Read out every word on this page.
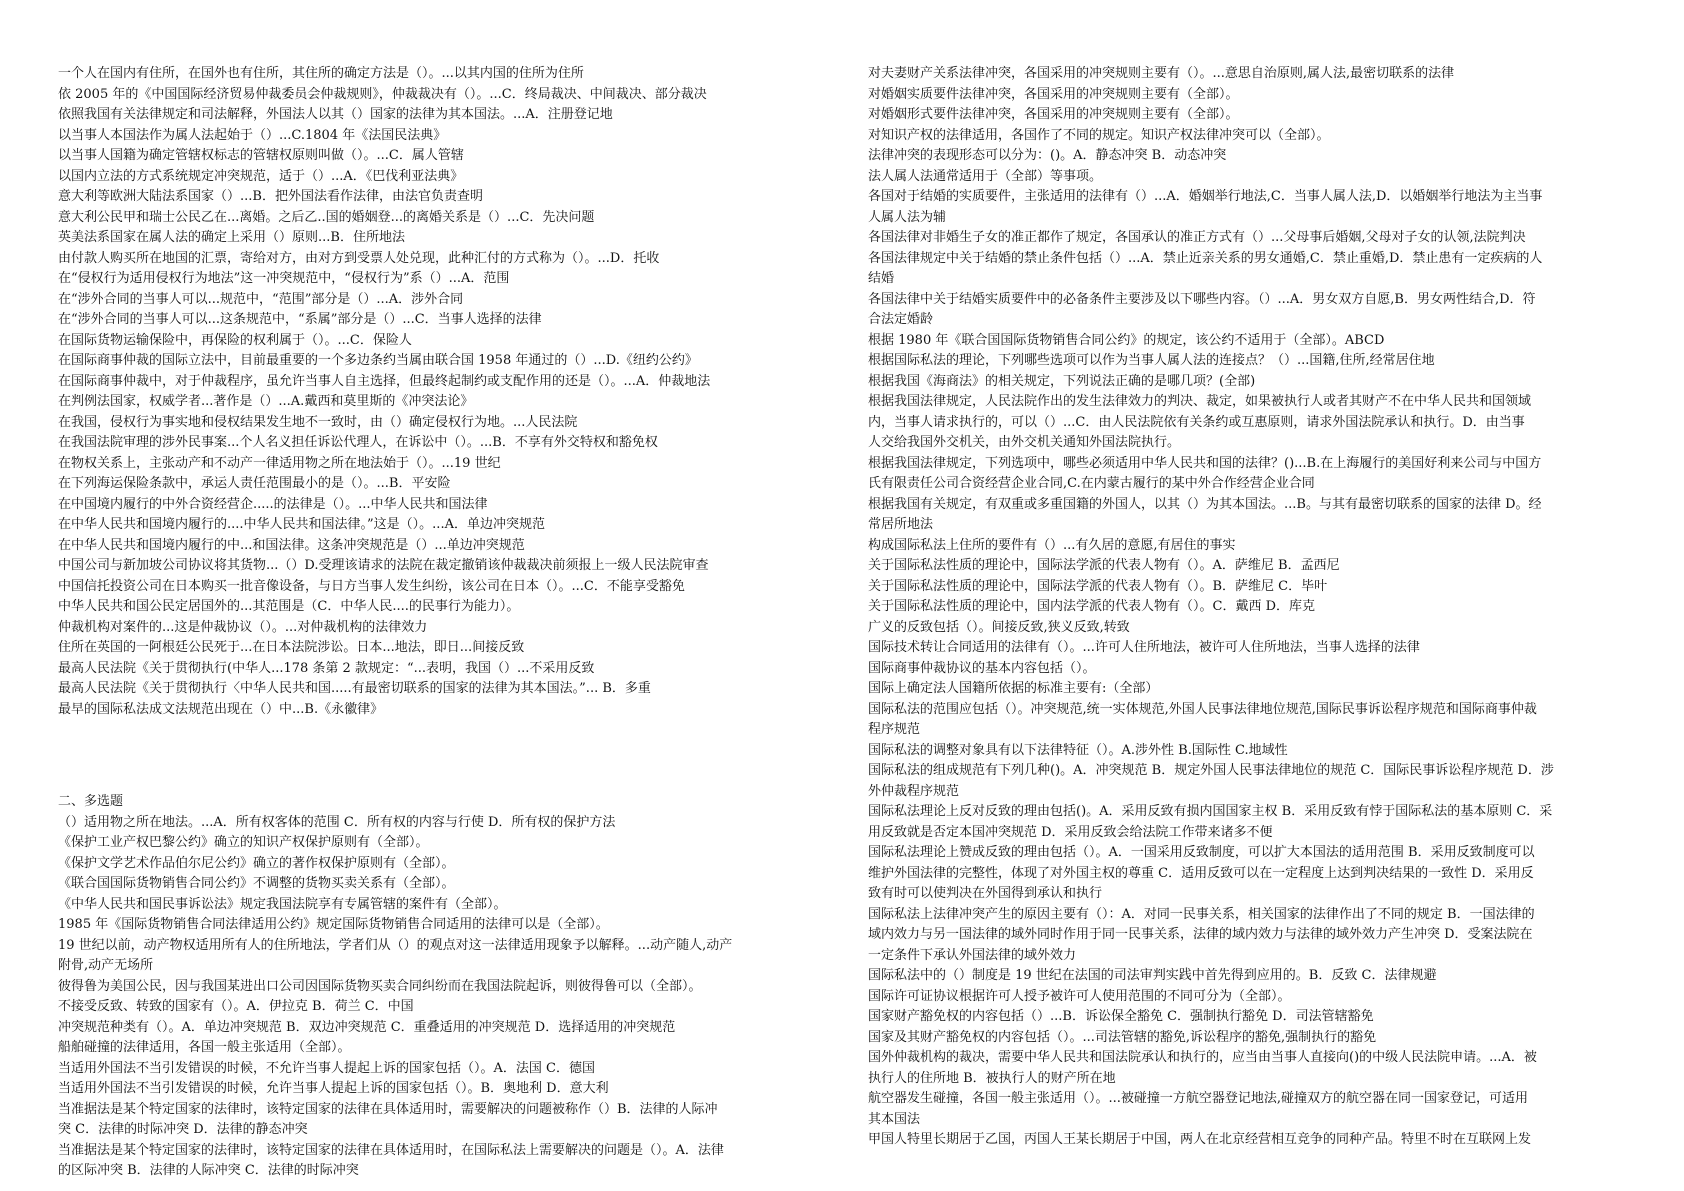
一个人在国内有住所，在国外也有住所，其住所的确定方法是（）。...以其内国的住所为住所

依 2005 年的《中国国际经济贸易仲裁委员会仲裁规则》，仲裁裁决有（）。...C．终局裁决、中间裁决、部分裁决

依照我国有关法律规定和司法解释，外国法人以其（）国家的法律为其本国法。...A．注册登记地

以当事人本国法作为属人法起始于（）...C.1804 年《法国民法典》

以当事人国籍为确定管辖权标志的管辖权原则叫做（）。...C．属人管辖

以国内立法的方式系统规定冲突规范，适于（）...A．《巴伐利亚法典》

意大利等欧洲大陆法系国家（）...B．把外国法看作法律，由法官负责查明

意大利公民甲和瑞士公民乙在...离婚。之后乙..国的婚姻登...的离婚关系是（）...C．先决问题

英美法系国家在属人法的确定上采用（）原则...B．住所地法

由付款人购买所在地国的汇票，寄给对方，由对方到受票人处兑现，此种汇付的方式称为（）。...D．托收

在“侵权行为适用侵权行为地法”这一冲突规范中，“侵权行为”系（）...A．范围

在“涉外合同的当事人可以...规范中，“范围”部分是（）...A．涉外合同

在“涉外合同的当事人可以...这条规范中，“系属”部分是（）...C．当事人选择的法律

在国际货物运输保险中，再保险的权利属于（）。...C．保险人

在国际商事仲裁的国际立法中，目前最重要的一个多边条约当属由联合国 1958 年通过的（）...D.《纽约公约》

在国际商事仲裁中，对于仲裁程序，虽允许当事人自主选择，但最终起制约或支配作用的还是（）。...A．仲裁地法

在判例法国家，权威学者...著作是（）...A.戴西和莫里斯的《冲突法论》

在我国，侵权行为事实地和侵权结果发生地不一致时，由（）确定侵权行为地。...人民法院

在我国法院审理的涉外民事案...个人名义担任诉讼代理人，在诉讼中（）。...B．不享有外交特权和豁免权

在物权关系上，主张动产和不动产一律适用物之所在地法始于（）。...19 世纪

在下列海运保险条款中，承运人责任范围最小的是（）。...B．平安险

在中国境内履行的中外合资经营企.....的法律是（）。...中华人民共和国法律

在中华人民共和国境内履行的....中华人民共和国法律。”这是（）。...A．单边冲突规范

在中华人民共和国境内履行的中...和国法律。这条冲突规范是（）...单边冲突规范

中国公司与新加坡公司协议将其货物...（）D.受理该请求的法院在裁定撤销该仲裁裁决前须报上一级人民法院审查

中国信托投资公司在日本购买一批音像设备，与日方当事人发生纠纷，该公司在日本（）。...C．不能享受豁免

中华人民共和国公民定居国外的...其范围是（C．中华人民....的民事行为能力）。

仲裁机构对案件的...这是仲裁协议（）。...对仲裁机构的法律效力

住所在英国的一阿根廷公民死于...在日本法院涉讼。日本...地法，即日...间接反致

最高人民法院《关于贯彻执行(中华人...178 条第 2 款规定：“...表明，我国（）...不采用反致

最高人民法院《关于贯彻执行〈中华人民共和国.....有最密切联系的国家的法律为其本国法。”... B．多重

最早的国际私法成文法规范出现在（）中...B.《永徽律》

二、多选题

（）适用物之所在地法。...A．所有权客体的范围 C．所有权的内容与行使 D．所有权的保护方法

《保护工业产权巴黎公约》确立的知识产权保护原则有（全部）。

《保护文学艺术作品伯尔尼公约》确立的著作权保护原则有（全部）。

《联合国国际货物销售合同公约》不调整的货物买卖关系有（全部）。

《中华人民共和国民事诉讼法》规定我国法院享有专属管辖的案件有（全部）。

1985 年《国际货物销售合同法律适用公约》规定国际货物销售合同适用的法律可以是（全部）。

19 世纪以前，动产物权适用所有人的住所地法，学者们从（）的观点对这一法律适用现象予以解释。...动产随人,动产

附骨,动产无场所

彼得鲁为美国公民，因与我国某进出口公司因国际货物买卖合同纠纷而在我国法院起诉，则彼得鲁可以（全部）。

不接受反致、转致的国家有（）。A．伊拉克 B．荷兰 C．中国

冲突规范种类有（）。A．单边冲突规范 B．双边冲突规范 C．重叠适用的冲突规范 D．选择适用的冲突规范

船舶碰撞的法律适用，各国一般主张适用（全部）。

当适用外国法不当引发错误的时候，不允许当事人提起上诉的国家包括（）。A．法国 C．德国

当适用外国法不当引发错误的时候，允许当事人提起上诉的国家包括（）。B．奥地利 D．意大利

当准据法是某个特定国家的法律时，该特定国家的法律在具体适用时，需要解决的问题被称作（）B．法律的人际冲

突 C．法律的时际冲突 D．法律的静态冲突

当准据法是某个特定国家的法律时，该特定国家的法律在具体适用时，在国际私法上需要解决的问题是（）。A．法律

的区际冲突 B．法律的人际冲突 C．法律的时际冲突

对夫妻财产关系法律冲突，各国采用的冲突规则主要有（）。...意思自治原则,属人法,最密切联系的法律

对婚姻实质要件法律冲突，各国采用的冲突规则主要有（全部）。

对婚姻形式要件法律冲突，各国采用的冲突规则主要有（全部）。

对知识产权的法律适用，各国作了不同的规定。知识产权法律冲突可以（全部）。

法律冲突的表现形态可以分为：()。A．静态冲突 B．动态冲突

法人属人法通常适用于（全部）等事项。

各国对于结婚的实质要件，主张适用的法律有（）...A．婚姻举行地法,C．当事人属人法,D．以婚姻举行地法为主当事

人属人法为辅

各国法律对非婚生子女的准正都作了规定，各国承认的准正方式有（）...父母事后婚姻,父母对子女的认领,法院判决

各国法律规定中关于结婚的禁止条件包括（）...A．禁止近亲关系的男女通婚,C．禁止重婚,D．禁止患有一定疾病的人

结婚

各国法律中关于结婚实质要件中的必备条件主要涉及以下哪些内容。（）...A．男女双方自愿,B．男女两性结合,D．符

合法定婚龄

根据 1980 年《联合国国际货物销售合同公约》的规定，该公约不适用于（全部）。ABCD

根据国际私法的理论，下列哪些选项可以作为当事人属人法的连接点？（）...国籍,住所,经常居住地

根据我国《海商法》的相关规定，下列说法正确的是哪几项？(全部)

根据我国法律规定，人民法院作出的发生法律效力的判决、裁定，如果被执行人或者其财产不在中华人民共和国领域

内，当事人请求执行的，可以（）...C．由人民法院依有关条约或互惠原则，请求外国法院承认和执行。D．由当事

人交给我国外交机关，由外交机关通知外国法院执行。

根据我国法律规定，下列选项中，哪些必须适用中华人民共和国的法律？()...B.在上海履行的美国好利来公司与中国方

氏有限责任公司合资经营企业合同,C.在内蒙古履行的某中外合作经营企业合同

根据我国有关规定，有双重或多重国籍的外国人，以其（）为其本国法。...B。与其有最密切联系的国家的法律 D。经

常居所地法

构成国际私法上住所的要件有（）...有久居的意愿,有居住的事实

关于国际私法性质的理论中，国际法学派的代表人物有（）。A．萨维尼 B．孟西尼

关于国际私法性质的理论中，国际法学派的代表人物有（）。B．萨维尼 C．毕叶

关于国际私法性质的理论中，国内法学派的代表人物有（）。C．戴西 D．库克

广义的反致包括（）。间接反致,狭义反致,转致

国际技术转让合同适用的法律有（）。...许可人住所地法，被许可人住所地法，当事人选择的法律

国际商事仲裁协议的基本内容包括（）。

国际上确定法人国籍所依据的标准主要有:（全部）

国际私法的范围应包括（）。冲突规范,统一实体规范,外国人民事法律地位规范,国际民事诉讼程序规范和国际商事仲裁

程序规范

国际私法的调整对象具有以下法律特征（）。A.涉外性 B.国际性 C.地域性

国际私法的组成规范有下列几种()。A．冲突规范 B．规定外国人民事法律地位的规范 C．国际民事诉讼程序规范 D．涉

外仲裁程序规范

国际私法理论上反对反致的理由包括()。A．采用反致有损内国国家主权 B．采用反致有悖于国际私法的基本原则 C．采

用反致就是否定本国冲突规范 D．采用反致会给法院工作带来诸多不便

国际私法理论上赞成反致的理由包括（）。A．一国采用反致制度，可以扩大本国法的适用范围 B．采用反致制度可以

维护外国法律的完整性，体现了对外国主权的尊重 C．适用反致可以在一定程度上达到判决结果的一致性 D．采用反

致有时可以使判决在外国得到承认和执行

国际私法上法律冲突产生的原因主要有（）：A．对同一民事关系，相关国家的法律作出了不同的规定 B．一国法律的

域内效力与另一国法律的域外同时作用于同一民事关系，法律的域内效力与法律的域外效力产生冲突 D．受案法院在

一定条件下承认外国法律的域外效力

国际私法中的（）制度是 19 世纪在法国的司法审判实践中首先得到应用的。B．反致 C．法律规避

国际许可证协议根据许可人授予被许可人使用范围的不同可分为（全部）。

国家财产豁免权的内容包括（）...B．诉讼保全豁免 C．强制执行豁免 D．司法管辖豁免

国家及其财产豁免权的内容包括（）。...司法管辖的豁免,诉讼程序的豁免,强制执行的豁免

国外仲裁机构的裁决，需要中华人民共和国法院承认和执行的，应当由当事人直接向()的中级人民法院申请。...A．被

执行人的住所地 B．被执行人的财产所在地

航空器发生碰撞，各国一般主张适用（）。...被碰撞一方航空器登记地法,碰撞双方的航空器在同一国家登记，可适用

其本国法

甲国人特里长期居于乙国，丙国人王某长期居于中国，两人在北京经营相互竞争的同种产品。特里不时在互联网上发
